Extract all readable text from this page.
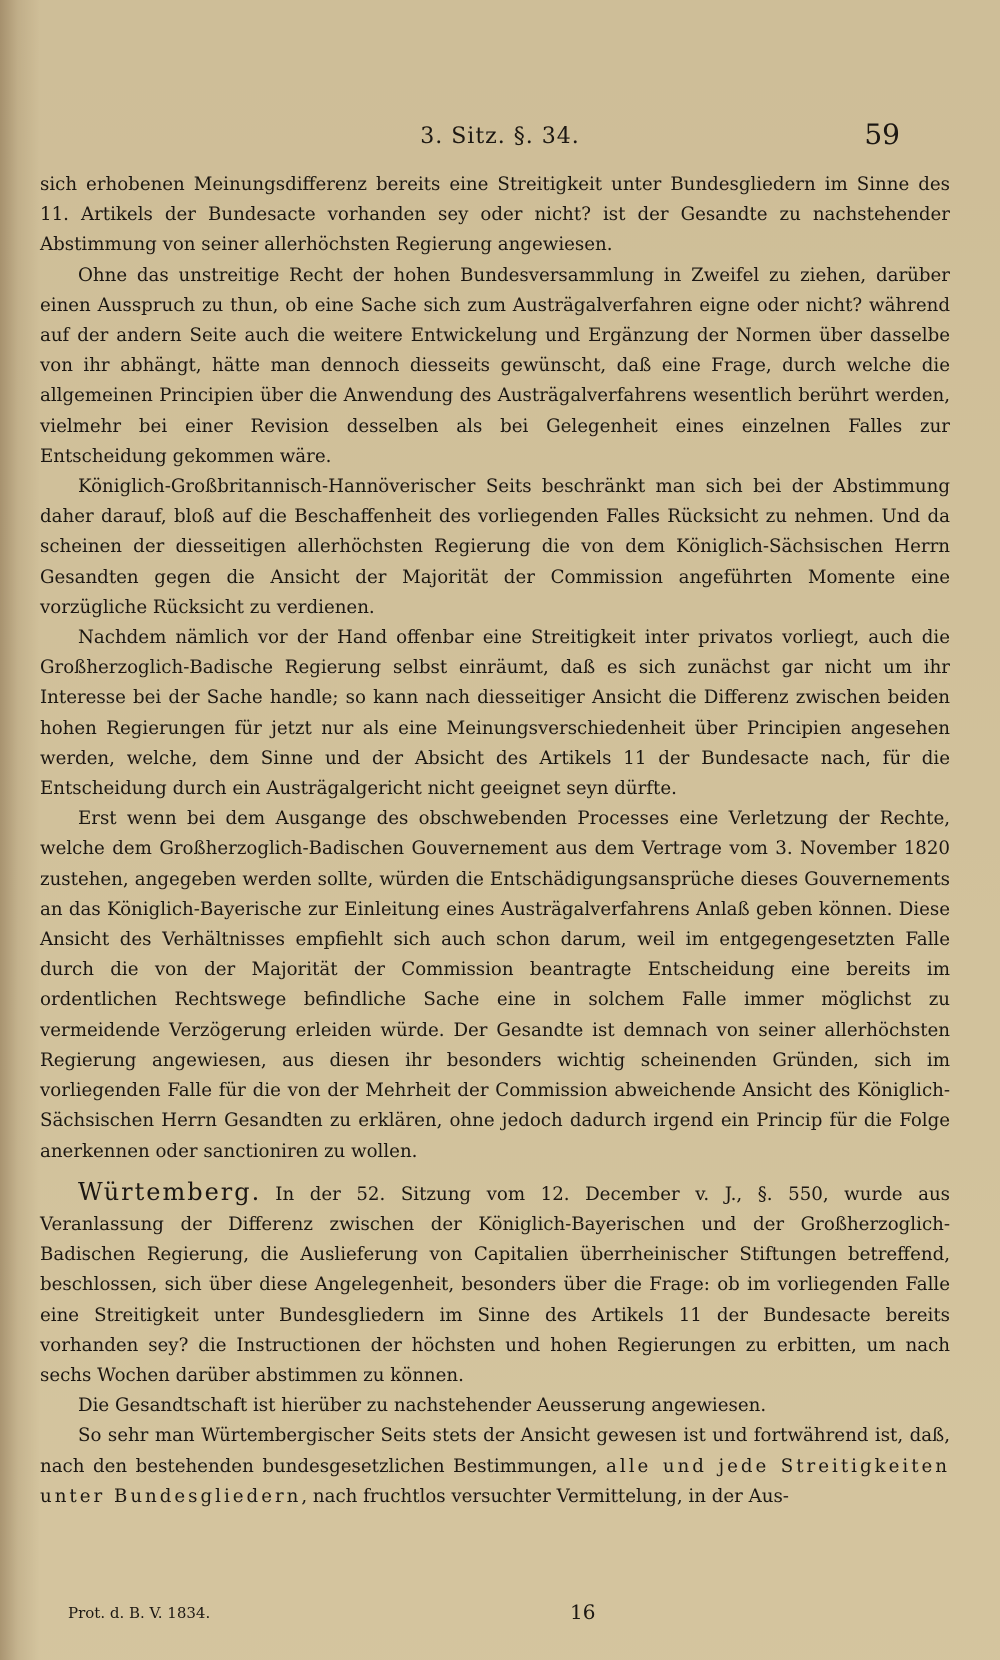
3. Sitz. §. 34.	59

sich erhobenen Meinungsdifferenz bereits eine Streitigkeit unter Bundesgliedern im Sinne des 11. Artikels der Bundesacte vorhanden sey oder nicht? ist der Gesandte zu nachstehender Abstimmung von seiner allerhöchsten Regierung angewiesen.

Ohne das unstreitige Recht der hohen Bundesversammlung in Zweifel zu ziehen, darüber einen Ausspruch zu thun, ob eine Sache sich zum Austrägalverfahren eigne oder nicht? während auf der andern Seite auch die weitere Entwickelung und Ergänzung der Normen über dasselbe von ihr abhängt, hätte man dennoch diesseits gewünscht, daß eine Frage, durch welche die allgemeinen Principien über die Anwendung des Austrägalverfahrens wesentlich berührt werden, vielmehr bei einer Revision desselben als bei Gelegenheit eines einzelnen Falles zur Entscheidung gekommen wäre.

Königlich-Großbritannisch-Hannöverischer Seits beschränkt man sich bei der Abstimmung daher darauf, bloß auf die Beschaffenheit des vorliegenden Falles Rücksicht zu nehmen. Und da scheinen der diesseitigen allerhöchsten Regierung die von dem Königlich-Sächsischen Herrn Gesandten gegen die Ansicht der Majorität der Commission angeführten Momente eine vorzügliche Rücksicht zu verdienen.

Nachdem nämlich vor der Hand offenbar eine Streitigkeit inter privatos vorliegt, auch die Großherzoglich-Badische Regierung selbst einräumt, daß es sich zunächst gar nicht um ihr Interesse bei der Sache handle; so kann nach diesseitiger Ansicht die Differenz zwischen beiden hohen Regierungen für jetzt nur als eine Meinungsverschiedenheit über Principien angesehen werden, welche, dem Sinne und der Absicht des Artikels 11 der Bundesacte nach, für die Entscheidung durch ein Austrägalgericht nicht geeignet seyn dürfte.

Erst wenn bei dem Ausgange des obschwebenden Processes eine Verletzung der Rechte, welche dem Großherzoglich-Badischen Gouvernement aus dem Vertrage vom 3. November 1820 zustehen, angegeben werden sollte, würden die Entschädigungsansprüche dieses Gouvernements an das Königlich-Bayerische zur Einleitung eines Austrägalverfahrens Anlaß geben können. Diese Ansicht des Verhältnisses empfiehlt sich auch schon darum, weil im entgegengesetzten Falle durch die von der Majorität der Commission beantragte Entscheidung eine bereits im ordentlichen Rechtswege befindliche Sache eine in solchem Falle immer möglichst zu vermeidende Verzögerung erleiden würde. Der Gesandte ist demnach von seiner allerhöchsten Regierung angewiesen, aus diesen ihr besonders wichtig scheinenden Gründen, sich im vorliegenden Falle für die von der Mehrheit der Commission abweichende Ansicht des Königlich-Sächsischen Herrn Gesandten zu erklären, ohne jedoch dadurch irgend ein Princip für die Folge anerkennen oder sanctioniren zu wollen.

Würtemberg. In der 52. Sitzung vom 12. December v. J., §. 550, wurde aus Veranlassung der Differenz zwischen der Königlich-Bayerischen und der Großherzoglich-Badischen Regierung, die Auslieferung von Capitalien überrheinischer Stiftungen betreffend, beschlossen, sich über diese Angelegenheit, besonders über die Frage: ob im vorliegenden Falle eine Streitigkeit unter Bundesgliedern im Sinne des Artikels 11 der Bundesacte bereits vorhanden sey? die Instructionen der höchsten und hohen Regierungen zu erbitten, um nach sechs Wochen darüber abstimmen zu können.

Die Gesandtschaft ist hierüber zu nachstehender Aeusserung angewiesen.

So sehr man Würtembergischer Seits stets der Ansicht gewesen ist und fortwährend ist, daß, nach den bestehenden bundesgesetzlichen Bestimmungen, alle und jede Streitigkeiten unter Bundesgliedern, nach fruchtlos versuchter Vermittelung, in der Aus-

Prot. d. B. V. 1834.	16
